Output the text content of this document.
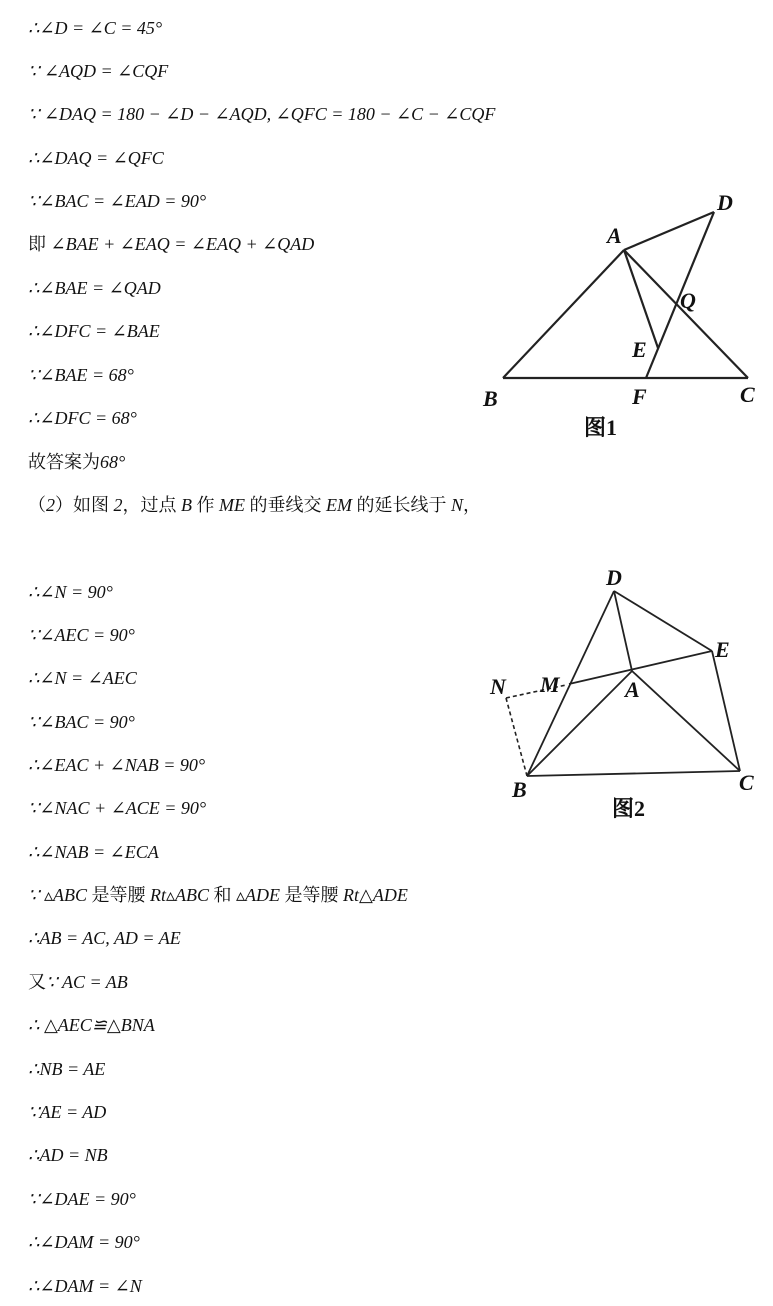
∴∠D = ∠C = 45°
∵ ∠AQD = ∠CQF
∵ ∠DAQ = 180 − ∠D − ∠AQD, ∠QFC = 180 − ∠C − ∠CQF
∴∠DAQ = ∠QFC
∵∠BAC = ∠EAD = 90°
即 ∠BAE + ∠EAQ = ∠EAQ + ∠QAD
∴∠BAE = ∠QAD
∴∠DFC = ∠BAE
∵∠BAE = 68°
∴∠DFC = 68°
故答案为68°
（2）如图 2，过点 B 作 ME 的垂线交 EM 的延长线于 N，
∴∠N = 90°
∵∠AEC = 90°
∴∠N = ∠AEC
∵∠BAC = 90°
∴∠EAC + ∠NAB = 90°
∵∠NAC + ∠ACE = 90°
∴∠NAB = ∠ECA
∵ ▵ABC 是等腰 Rt▵ABC 和 ▵ADE 是等腰 Rt△ADE
∴AB = AC, AD = AE
又∵ AC = AB
∴ △AEC≌△BNA
∴NB = AE
∵AE = AD
∴AD = NB
∵∠DAE = 90°
∴∠DAM = 90°
∴∠DAM = ∠N
A
B	C
D
E
F
Q
图1
D
E
M	A
N
B	C
图2
